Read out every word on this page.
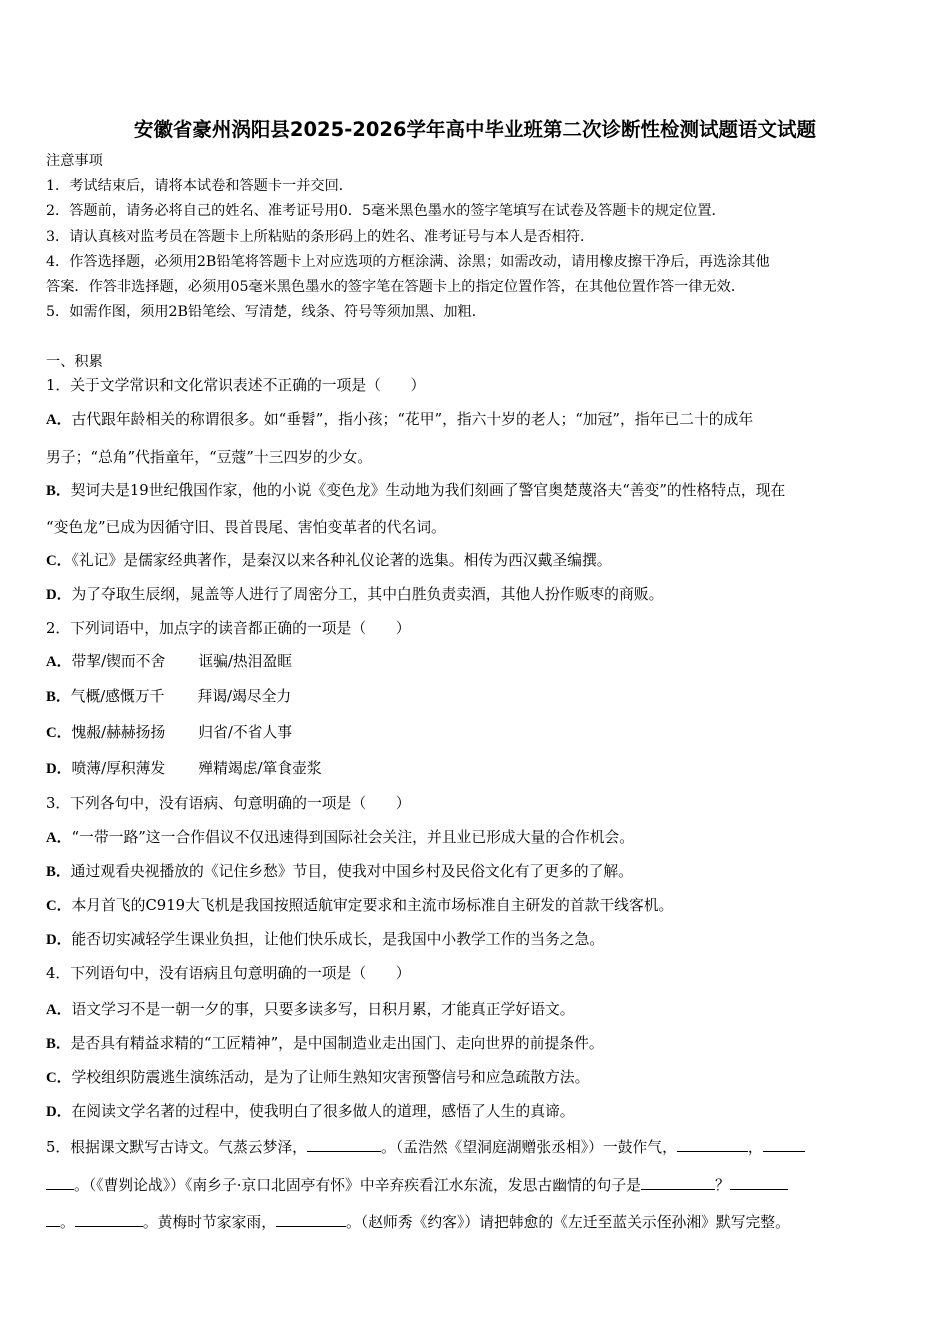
安徽省豪州涡阳县2025-2026学年高中毕业班第二次诊断性检测试题语文试题
注意事项
1．考试结束后，请将本试卷和答题卡一并交回．
2．答题前，请务必将自己的姓名、准考证号用0．5毫米黑色墨水的签字笔填写在试卷及答题卡的规定位置．
3．请认真核对监考员在答题卡上所粘贴的条形码上的姓名、准考证号与本人是否相符．
4．作答选择题，必须用2B铅笔将答题卡上对应选项的方框涂满、涂黑；如需改动，请用橡皮擦干净后，再选涂其他
答案．作答非选择题，必须用05毫米黑色墨水的签字笔在答题卡上的指定位置作答，在其他位置作答一律无效．
5．如需作图，须用2B铅笔绘、写清楚，线条、符号等须加黑、加粗．
一、积累
1．关于文学常识和文化常识表述不正确的一项是（　　）
A．古代跟年龄相关的称谓很多。如“垂髫”，指小孩；“花甲”，指六十岁的老人；“加冠”，指年已二十的成年
男子；“总角”代指童年，“豆蔻”十三四岁的少女。
B．契诃夫是19世纪俄国作家，他的小说《变色龙》生动地为我们刻画了警官奥楚蔑洛夫“善变”的性格特点，现在
“变色龙”已成为因循守旧、畏首畏尾、害怕变革者的代名词。
C．《礼记》是儒家经典著作，是秦汉以来各种礼仪论著的选集。相传为西汉戴圣编撰。
D．为了夺取生辰纲，晁盖等人进行了周密分工，其中白胜负责卖酒，其他人扮作贩枣的商贩。
2．下列词语中，加点字的读音都正确的一项是（　　）
A．带挈/锲而不舍 诓骗/热泪盈眶
B．气概/感慨万千 拜谒/竭尽全力
C．愧赧/赫赫扬扬 归省/不省人事
D．喷薄/厚积薄发 殚精竭虑/箪食壶浆
3．下列各句中，没有语病、句意明确的一项是（　　）
A．“一带一路”这一合作倡议不仅迅速得到国际社会关注，并且业已形成大量的合作机会。
B．通过观看央视播放的《记住乡愁》节目，使我对中国乡村及民俗文化有了更多的了解。
C．本月首飞的C919大飞机是我国按照适航审定要求和主流市场标准自主研发的首款干线客机。
D．能否切实减轻学生课业负担，让他们快乐成长，是我国中小教学工作的当务之急。
4．下列语句中，没有语病且句意明确的一项是（　　）
A．语文学习不是一朝一夕的事，只要多读多写，日积月累，才能真正学好语文。
B．是否具有精益求精的“工匠精神”，是中国制造业走出国门、走向世界的前提条件。
C．学校组织防震逃生演练活动，是为了让师生熟知灾害预警信号和应急疏散方法。
D．在阅读文学名著的过程中，使我明白了很多做人的道理，感悟了人生的真谛。
5．根据课文默写古诗文。气蒸云梦泽，	。（孟浩然《望洞庭湖赠张丞相》）一鼓作气，	，
。（《曹刿论战》）《南乡子·京口北固亭有怀》中辛弃疾看江水东流，发思古幽情的句子是	？
。	。黄梅时节家家雨，	。（赵师秀《约客》）请把韩愈的《左迁至蓝关示侄孙湘》默写完整。
